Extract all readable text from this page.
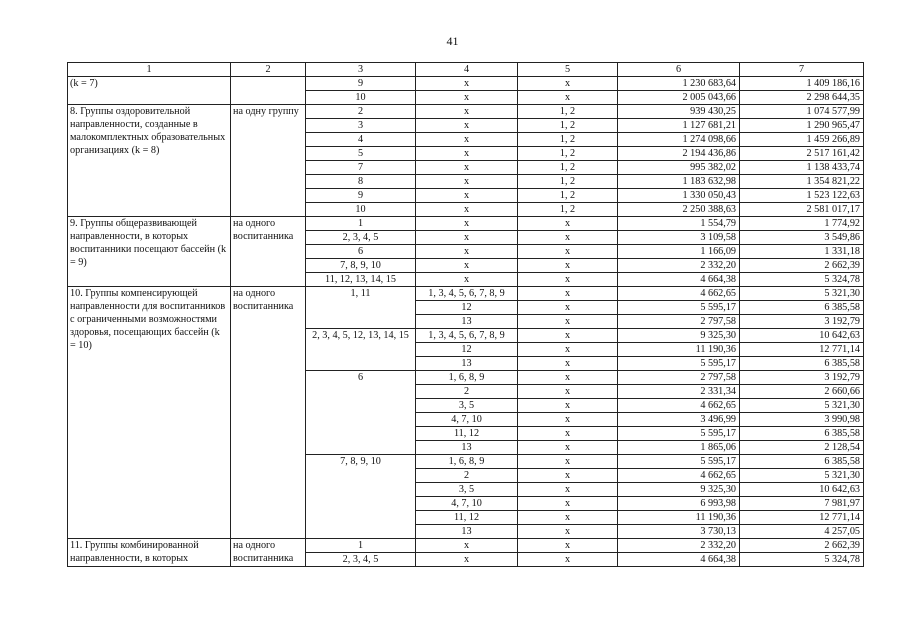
41
1	2	3	4	5	6	7
(k = 7)		9	x	x	1 230 683,64	1 409 186,16
		10	x	x	2 005 043,66	2 298 644,35
8. Группы оздоровительной направленности, созданные в малокомплектных образовательных организациях (k = 8)	на одну группу	2	x	1, 2	939 430,25	1 074 577,99
		3	x	1, 2	1 127 681,21	1 290 965,47
		4	x	1, 2	1 274 098,66	1 459 266,89
		5	x	1, 2	2 194 436,86	2 517 161,42
		7	x	1, 2	995 382,02	1 138 433,74
		8	x	1, 2	1 183 632,98	1 354 821,22
		9	x	1, 2	1 330 050,43	1 523 122,63
		10	x	1, 2	2 250 388,63	2 581 017,17
9. Группы общеразвивающей направленности, в которых воспитанники посещают бассейн (k = 9)	на одного воспитанника	1	x	x	1 554,79	1 774,92
		2, 3, 4, 5	x	x	3 109,58	3 549,86
		6	x	x	1 166,09	1 331,18
		7, 8, 9, 10	x	x	2 332,20	2 662,39
		11, 12, 13, 14, 15	x	x	4 664,38	5 324,78
10. Группы компенсирующей направленности для воспитанников с ограниченными возможностями здоровья, посещающих бассейн (k = 10)	на одного воспитанника	1, 11	1, 3, 4, 5, 6, 7, 8, 9	x	4 662,65	5 321,30
			12	x	5 595,17	6 385,58
			13	x	2 797,58	3 192,79
		2, 3, 4, 5, 12, 13, 14, 15	1, 3, 4, 5, 6, 7, 8, 9	x	9 325,30	10 642,63
			12	x	11 190,36	12 771,14
			13	x	5 595,17	6 385,58
		6	1, 6, 8, 9	x	2 797,58	3 192,79
			2	x	2 331,34	2 660,66
			3, 5	x	4 662,65	5 321,30
			4, 7, 10	x	3 496,99	3 990,98
			11, 12	x	5 595,17	6 385,58
			13	x	1 865,06	2 128,54
		7, 8, 9, 10	1, 6, 8, 9	x	5 595,17	6 385,58
			2	x	4 662,65	5 321,30
			3, 5	x	9 325,30	10 642,63
			4, 7, 10	x	6 993,98	7 981,97
			11, 12	x	11 190,36	12 771,14
			13	x	3 730,13	4 257,05
11. Группы комбинированной направленности, в которых	на одного воспитанника	1	x	x	2 332,20	2 662,39
		2, 3, 4, 5	x	x	4 664,38	5 324,78
